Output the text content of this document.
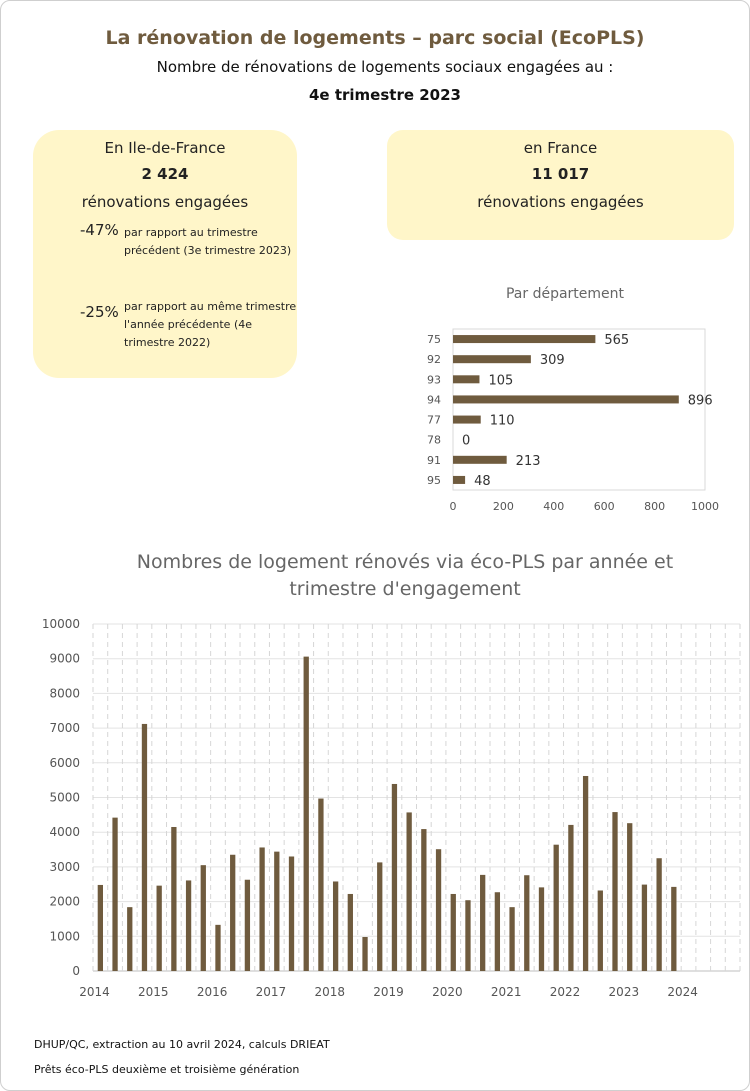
La rénovation de logements – parc social (EcoPLS)
Nombre de rénovations de logements sociaux engagées au :
4e trimestre 2023
En Ile-de-France
2 424
rénovations engagées
-47% par rapport au trimestre
précédent (3e trimestre 2023)
-25% par rapport au même trimestre
l'année précédente (4e
trimestre 2022)
en France
11 017
rénovations engagées
Par département
75	565
92	309
93	105
94	896
77	110
78 0
91	213
95	48
0	200	400	600	800 1000
Nombres de logement rénovés via éco-PLS par année et
trimestre d'engagement
0
1000
2000
3000
4000
5000
6000
7000
8000
9000
10000
2014 2015 2016 2017 2018 2019 2020 2021 2022 2023 2024
DHUP/QC, extraction au 10 avril 2024, calculs DRIEAT
Prêts éco-PLS deuxième et troisième génération
